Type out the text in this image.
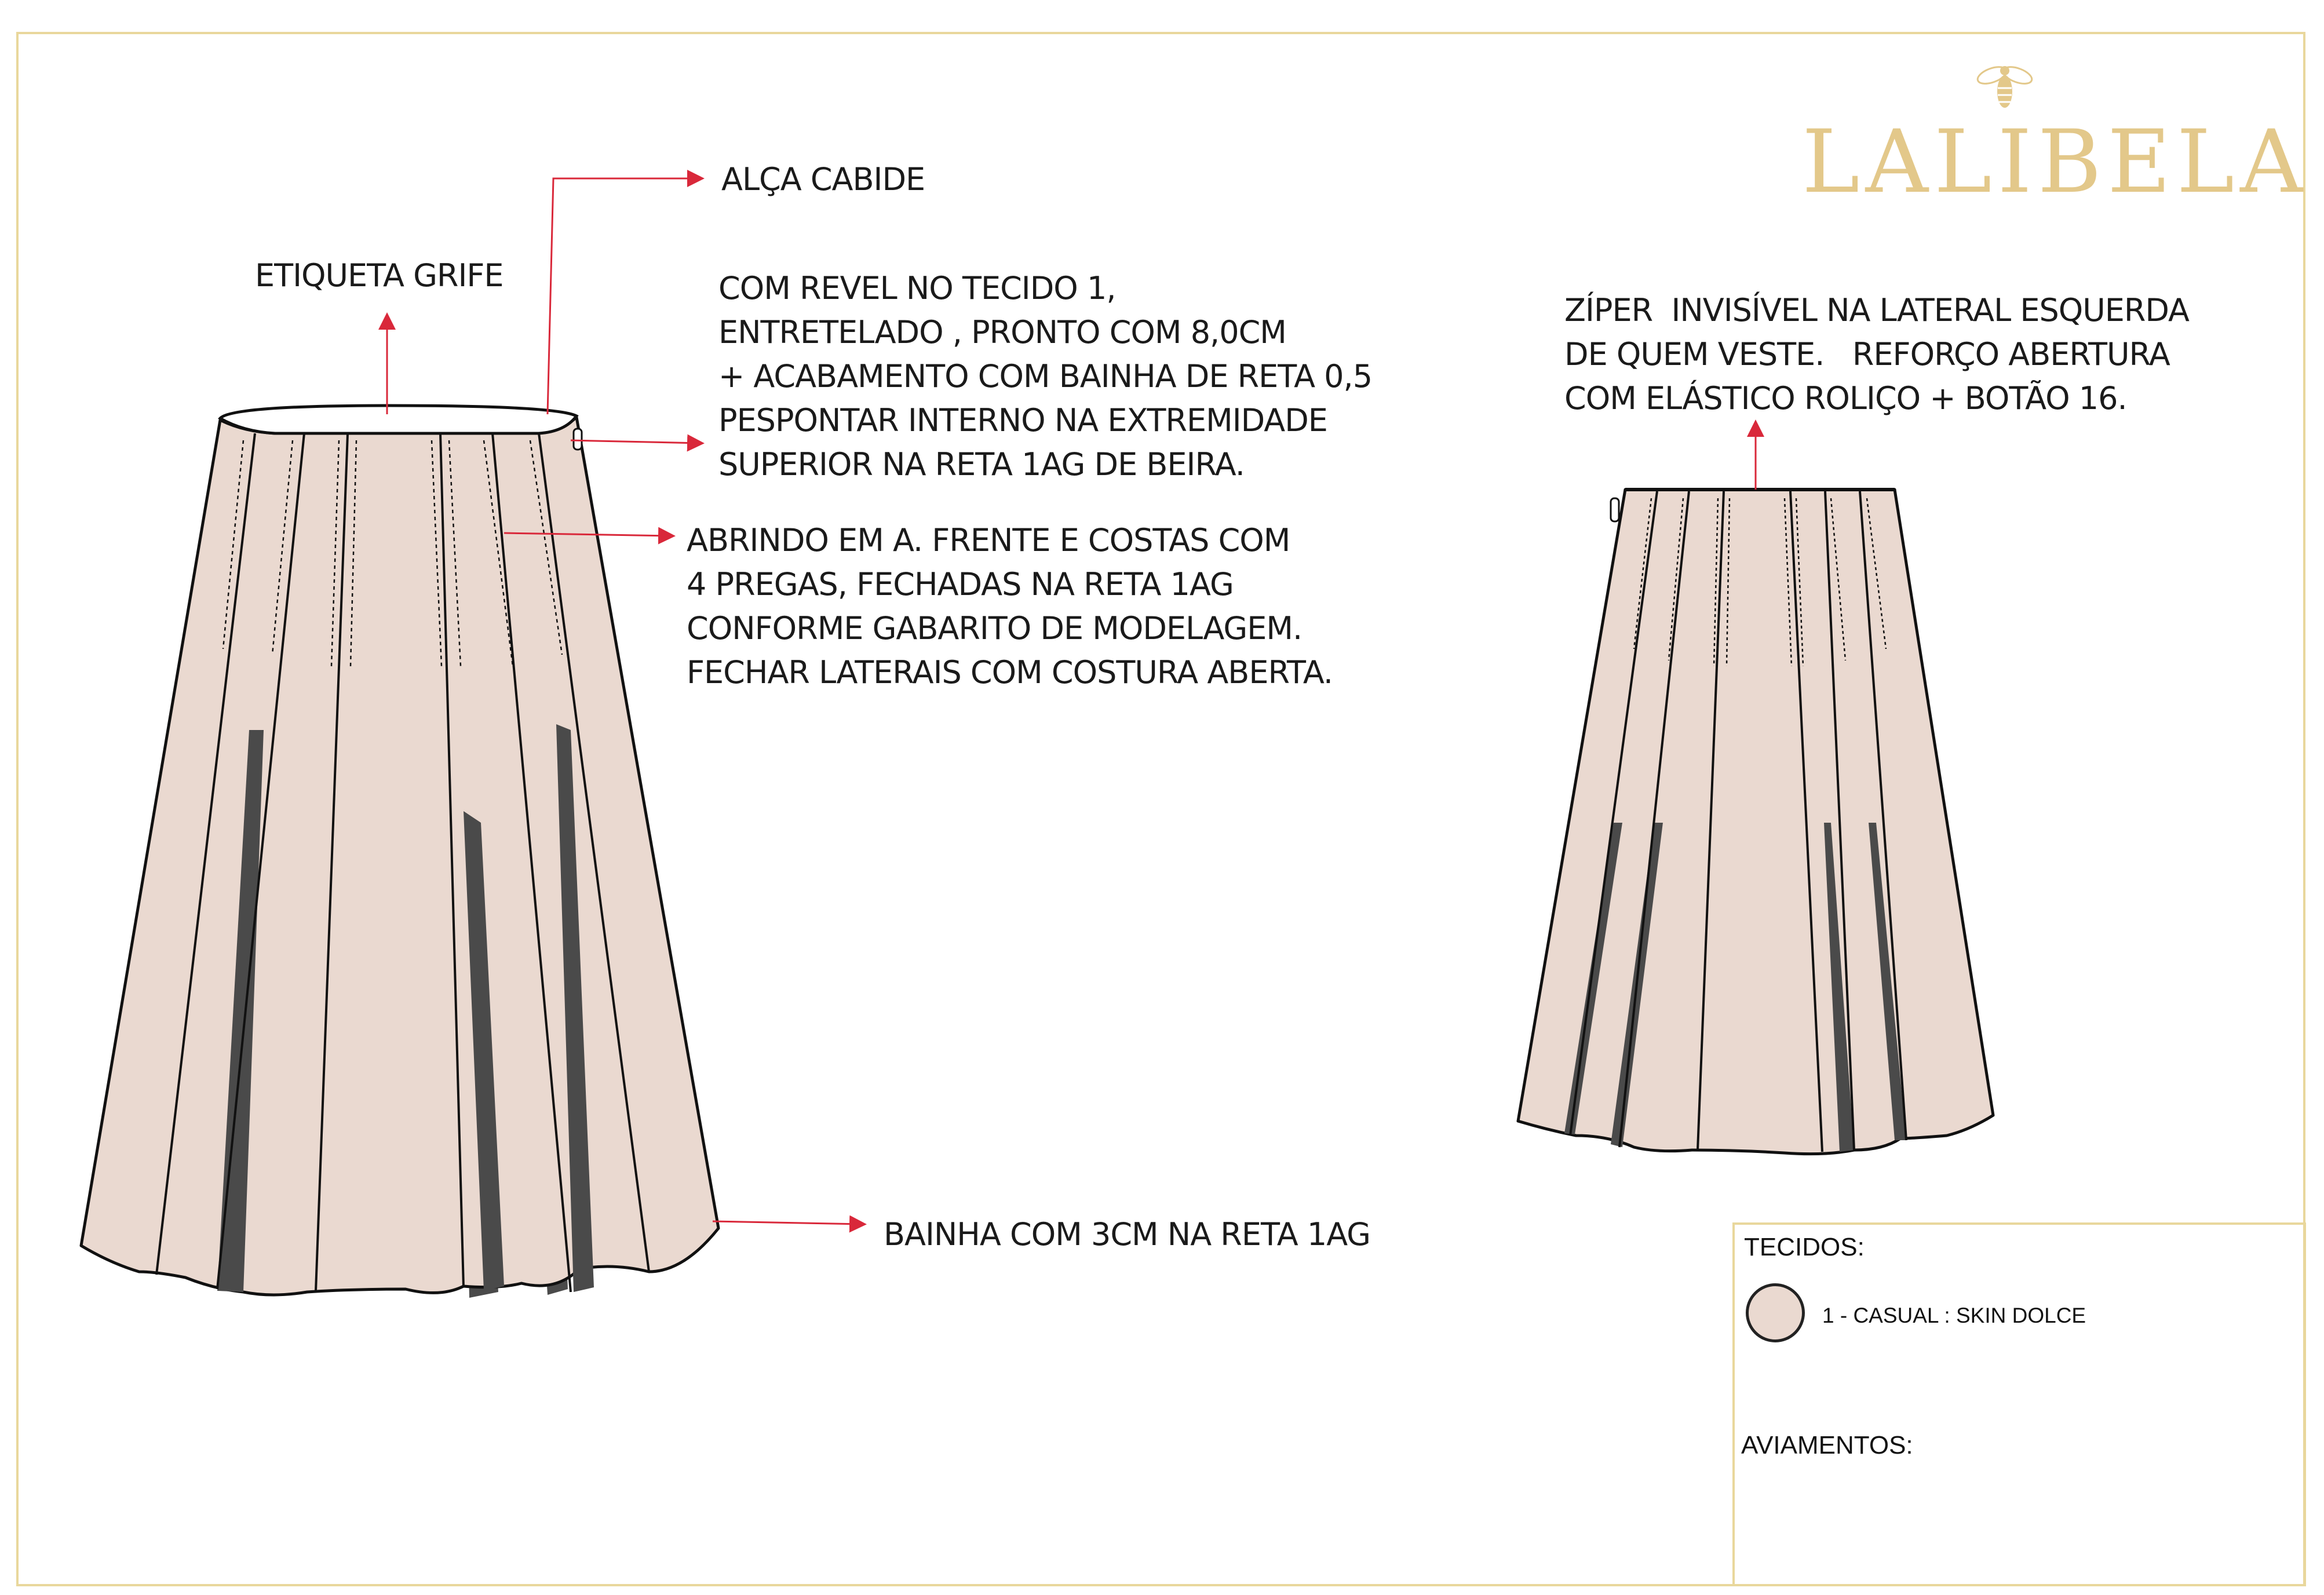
LALIBELA
ETIQUETA GRIFE
ALÇA CABIDE
COM REVEL NO TECIDO 1,
ENTRETELADO , PRONTO COM 8,0CM
+ ACABAMENTO COM BAINHA DE RETA 0,5
PESPONTAR INTERNO NA EXTREMIDADE
SUPERIOR NA RETA 1AG DE BEIRA.
ABRINDO EM A. FRENTE E COSTAS COM
4 PREGAS, FECHADAS NA RETA 1AG
CONFORME GABARITO DE MODELAGEM.
FECHAR LATERAIS COM COSTURA ABERTA.
BAINHA COM 3CM NA RETA 1AG
ZÍPER  INVISÍVEL NA LATERAL ESQUERDA
DE QUEM VESTE.   REFORÇO ABERTURA
COM ELÁSTICO ROLIÇO + BOTÃO 16.
TECIDOS:
1 - CASUAL : SKIN DOLCE
AVIAMENTOS:
